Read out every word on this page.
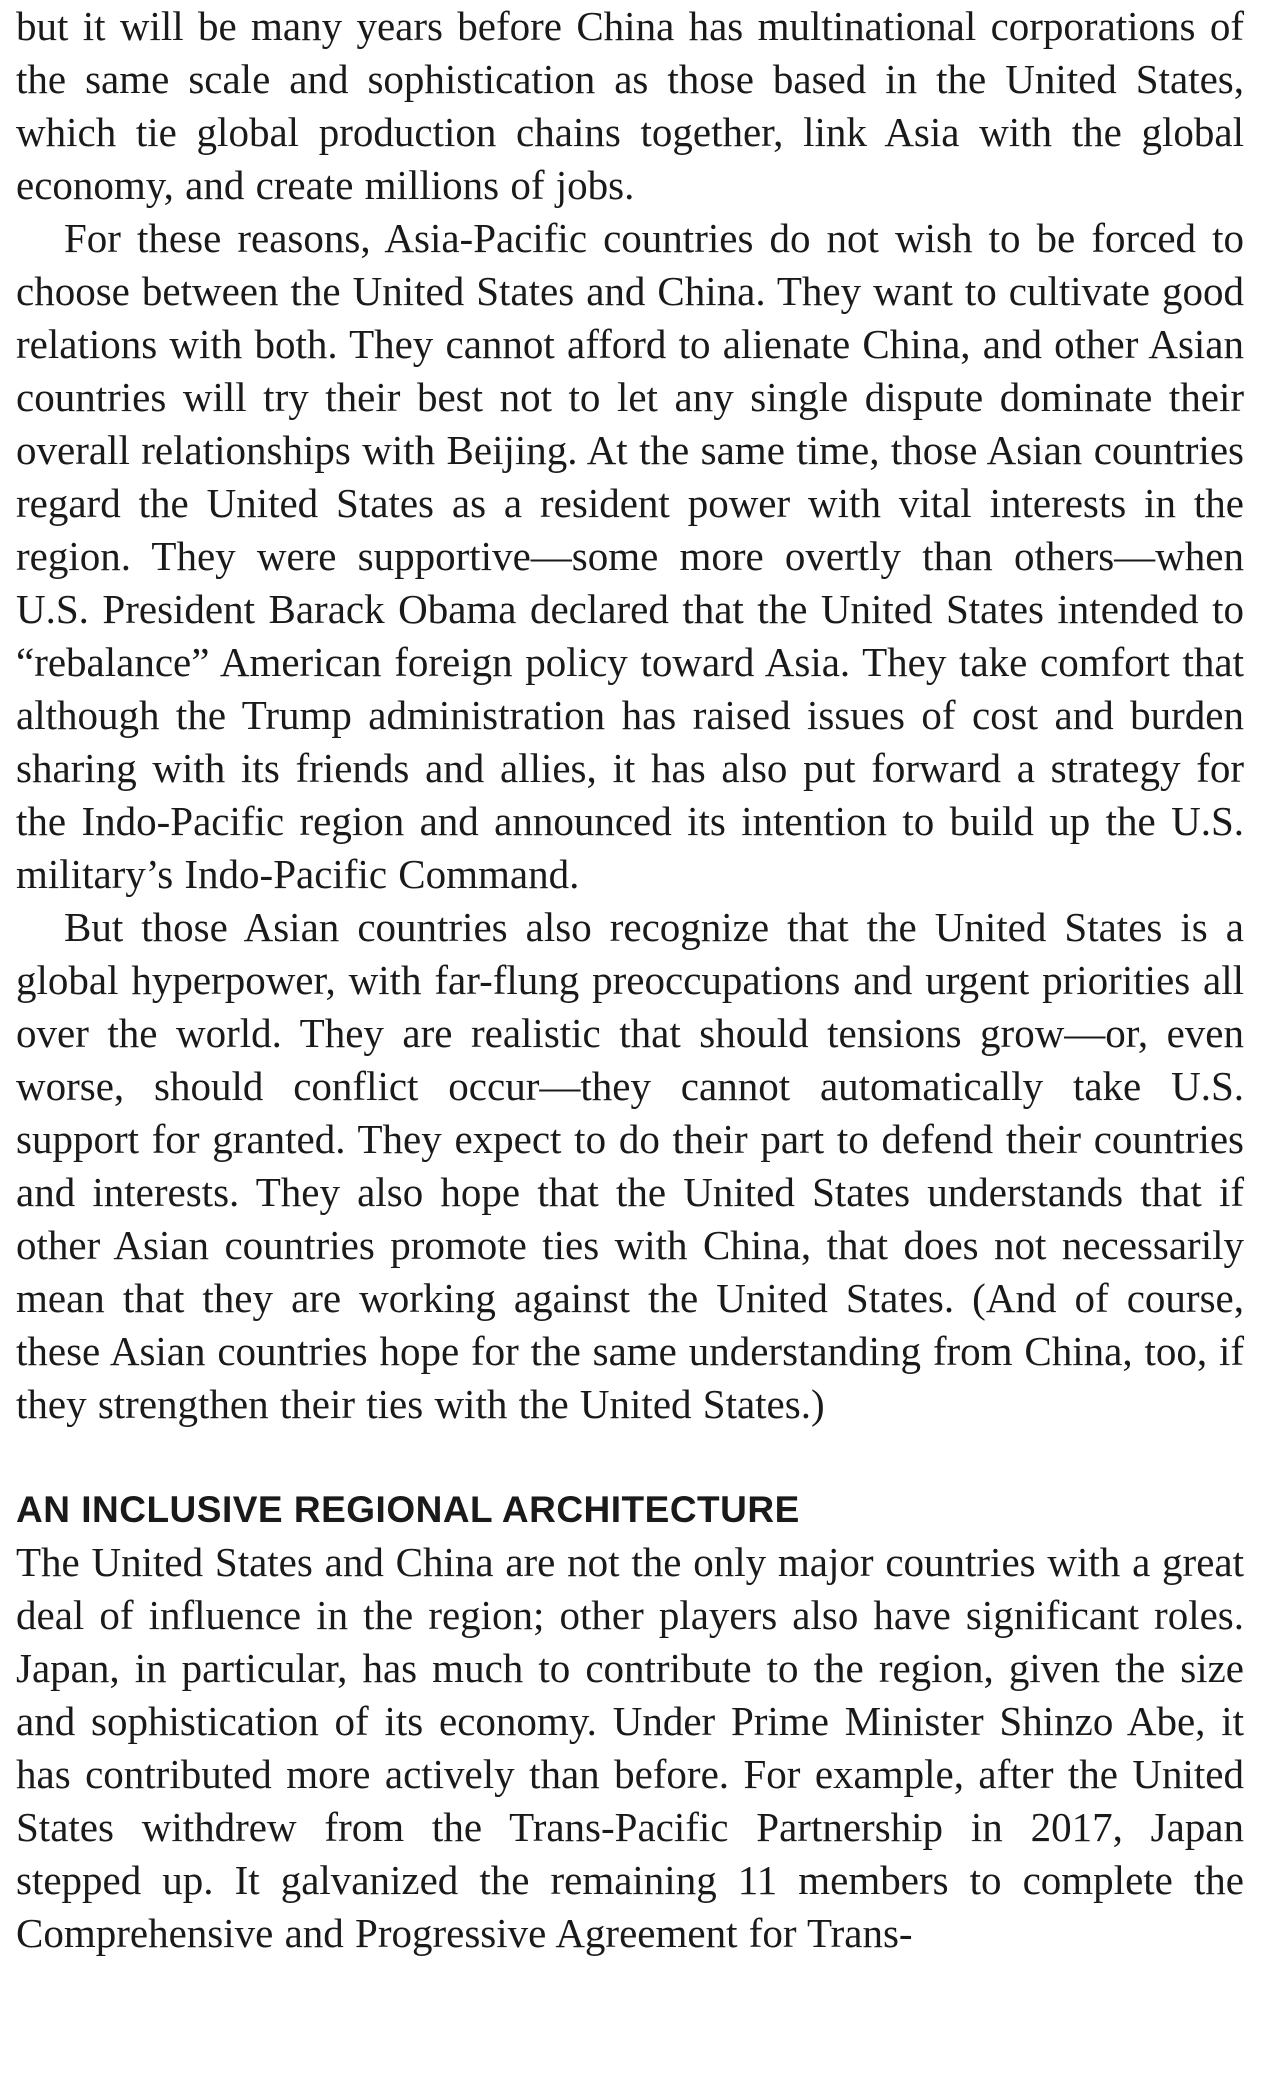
but it will be many years before China has multinational corporations of the same scale and sophistication as those based in the United States, which tie global production chains together, link Asia with the global economy, and create millions of jobs.

For these reasons, Asia-Pacific countries do not wish to be forced to choose between the United States and China. They want to cultivate good relations with both. They cannot afford to alienate China, and other Asian countries will try their best not to let any single dispute dominate their overall relationships with Beijing. At the same time, those Asian countries regard the United States as a resident power with vital interests in the region. They were supportive—some more overtly than others—when U.S. President Barack Obama declared that the United States intended to “rebalance” American foreign policy toward Asia. They take comfort that although the Trump administration has raised issues of cost and burden sharing with its friends and allies, it has also put forward a strategy for the Indo-Pacific region and announced its intention to build up the U.S. military’s Indo-Pacific Command.

But those Asian countries also recognize that the United States is a global hyperpower, with far-flung preoccupations and urgent priorities all over the world. They are realistic that should tensions grow—or, even worse, should conflict occur—they cannot automatically take U.S. support for granted. They expect to do their part to defend their countries and interests. They also hope that the United States understands that if other Asian countries promote ties with China, that does not necessarily mean that they are working against the United States. (And of course, these Asian countries hope for the same understanding from China, too, if they strengthen their ties with the United States.)

AN INCLUSIVE REGIONAL ARCHITECTURE

The United States and China are not the only major countries with a great deal of influence in the region; other players also have significant roles. Japan, in particular, has much to contribute to the region, given the size and sophistication of its economy. Under Prime Minister Shinzo Abe, it has contributed more actively than before. For example, after the United States withdrew from the Trans-Pacific Partnership in 2017, Japan stepped up. It galvanized the remaining 11 members to complete the Comprehensive and Progressive Agreement for Trans-
